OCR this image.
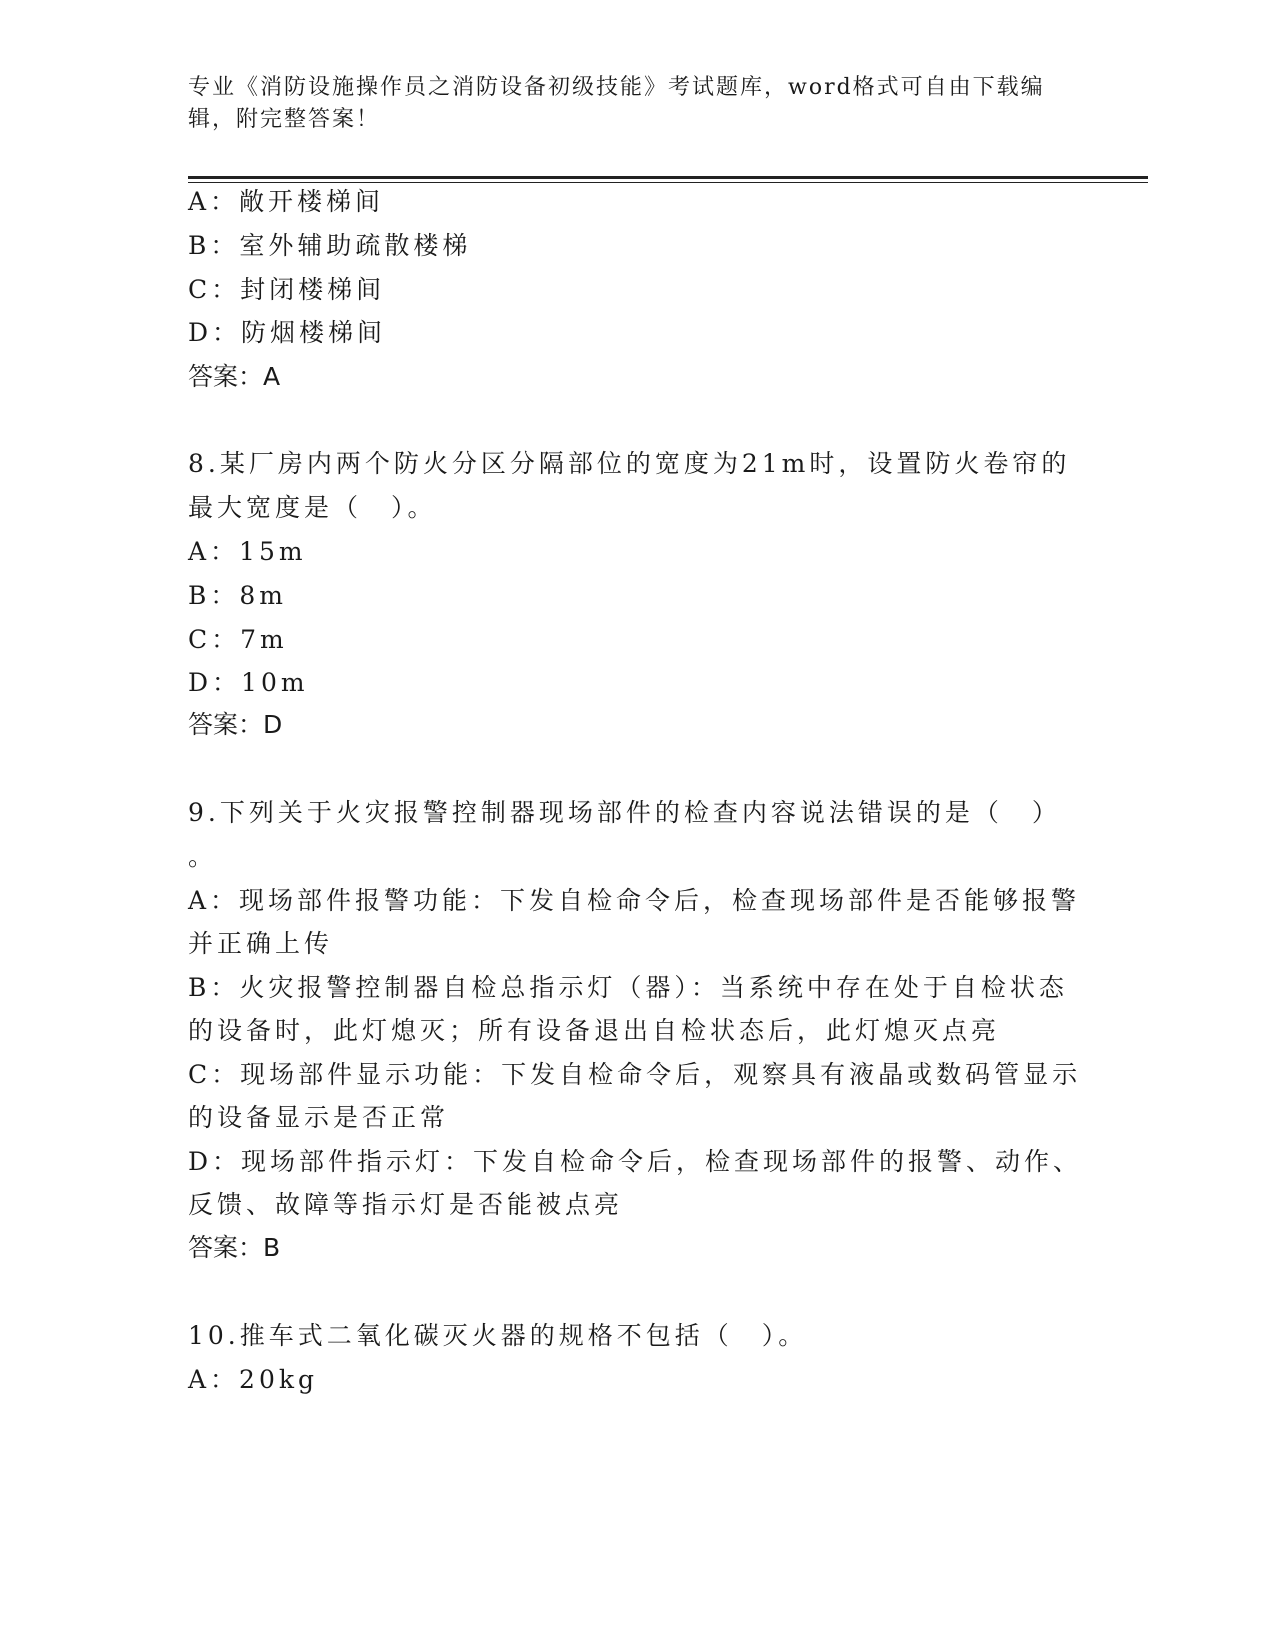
专业《消防设施操作员之消防设备初级技能》考试题库，word格式可自由下载编辑，附完整答案！
A：敞开楼梯间
B：室外辅助疏散楼梯
C：封闭楼梯间
D：防烟楼梯间
答案：A
8.某厂房内两个防火分区分隔部位的宽度为21m时，设置防火卷帘的
最大宽度是（　）。
A：15m
B：8m
C：7m
D：10m
答案：D
9.下列关于火灾报警控制器现场部件的检查内容说法错误的是（　）
。
A：现场部件报警功能：下发自检命令后，检查现场部件是否能够报警
并正确上传
B：火灾报警控制器自检总指示灯（器）：当系统中存在处于自检状态
的设备时，此灯熄灭；所有设备退出自检状态后，此灯熄灭点亮
C：现场部件显示功能：下发自检命令后，观察具有液晶或数码管显示
的设备显示是否正常
D：现场部件指示灯：下发自检命令后，检查现场部件的报警、动作、
反馈、故障等指示灯是否能被点亮
答案：B
10.推车式二氧化碳灭火器的规格不包括（　）。
A：20kg
